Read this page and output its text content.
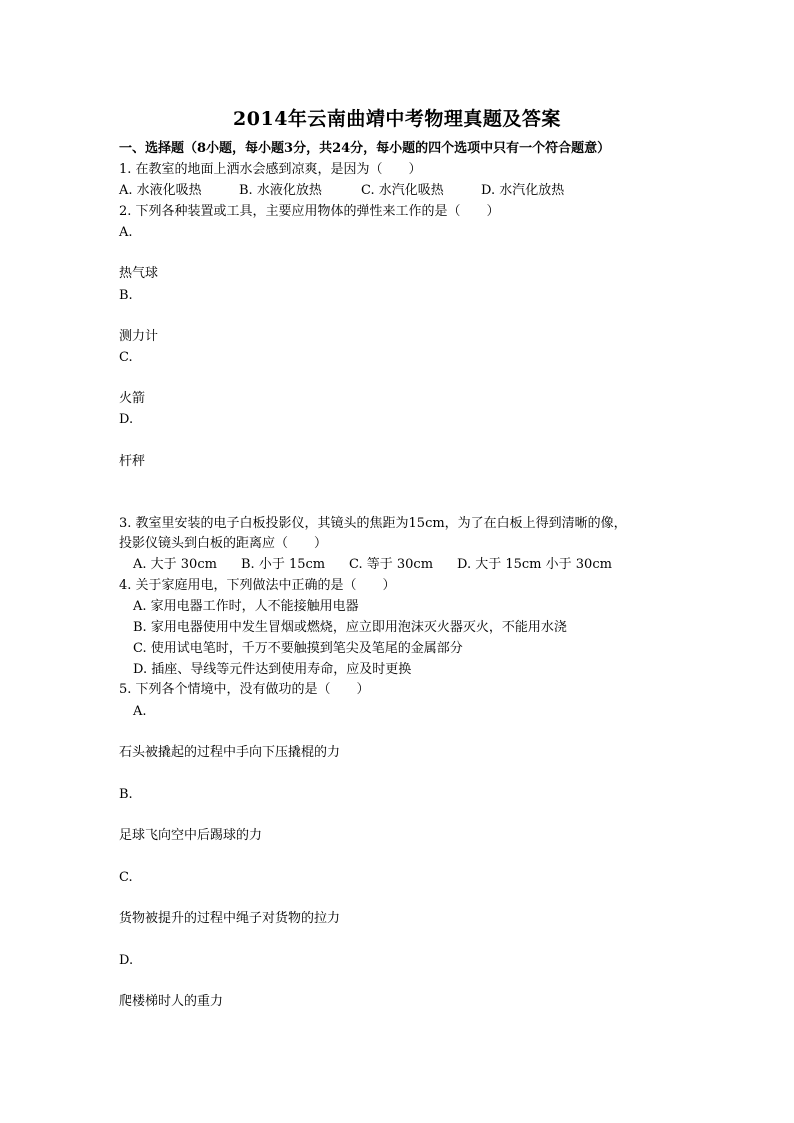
2014年云南曲靖中考物理真题及答案
一、选择题（8小题，每小题3分，共24分，每小题的四个选项中只有一个符合题意）
1. 在教室的地面上洒水会感到凉爽，是因为（　　）
A. 水液化吸热	B. 水液化放热	C. 水汽化吸热	D. 水汽化放热
2. 下列各种装置或工具，主要应用物体的弹性来工作的是（　　）
A.
热气球
B.
测力计
C.
火箭
D.
杆秤
3. 教室里安装的电子白板投影仪，其镜头的焦距为15cm，为了在白板上得到清晰的像，
投影仪镜头到白板的距离应（　　）
A. 大于 30cm B. 小于 15cm C. 等于 30cm D. 大于 15cm 小于 30cm
4. 关于家庭用电，下列做法中正确的是（　　）
A. 家用电器工作时，人不能接触用电器
B. 家用电器使用中发生冒烟或燃烧，应立即用泡沫灭火器灭火，不能用水浇
C. 使用试电笔时，千万不要触摸到笔尖及笔尾的金属部分
D. 插座、导线等元件达到使用寿命，应及时更换
5. 下列各个情境中，没有做功的是（　　）
A.
石头被撬起的过程中手向下压撬棍的力
B.
足球飞向空中后踢球的力
C.
货物被提升的过程中绳子对货物的拉力
D.
爬楼梯时人的重力
